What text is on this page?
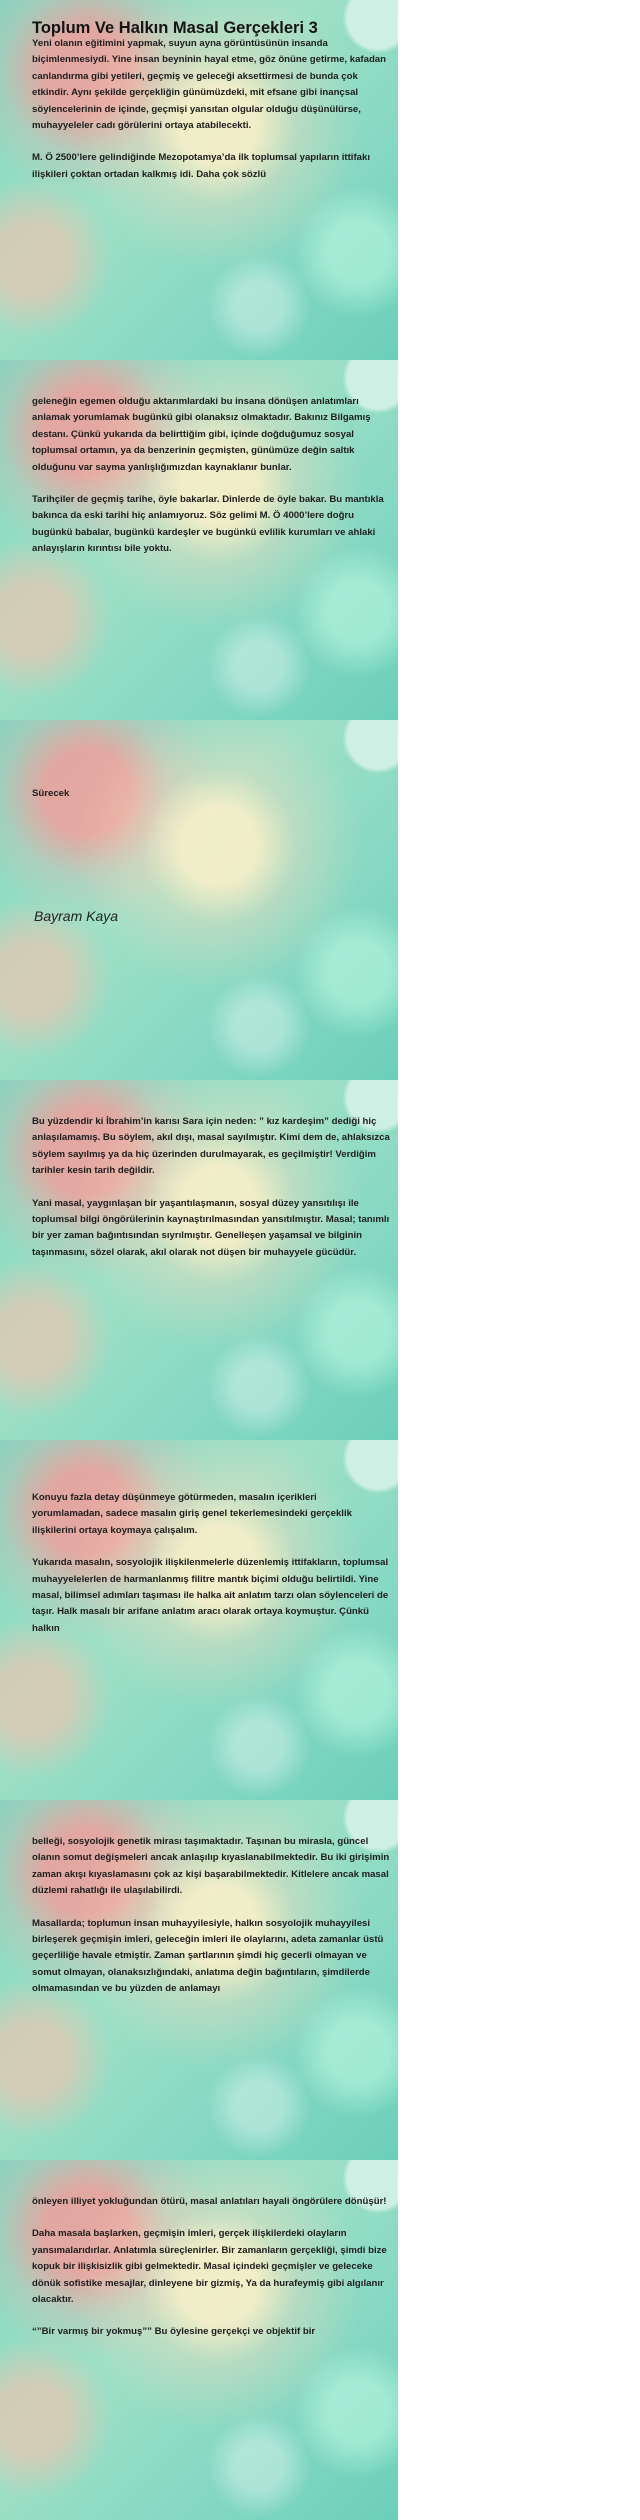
Toplum Ve Halkın Masal Gerçekleri 3

Yeni olanın eğitimini yapmak, suyun ayna görüntüsünün insanda biçimlenmesiydi. Yine insan beyninin hayal etme, göz önüne getirme, kafadan canlandırma gibi yetileri, geçmiş ve geleceği aksettirmesi de bunda çok etkindir. Aynı şekilde gerçekliğin günümüzdeki, mit efsane gibi inançsal söylencelerinin de içinde, geçmişi yansıtan olgular olduğu düşünülürse, muhayyeleler cadı görülerini ortaya atabilecekti.

M. Ö 2500’lere gelindiğinde Mezopotamya’da ilk toplumsal yapıların ittifakı ilişkileri çoktan ortadan kalkmış idi. Daha çok sözlü

geleneğin egemen olduğu aktarımlardaki bu insana dönüşen anlatımları anlamak yorumlamak bugünkü gibi olanaksız olmaktadır. Bakınız Bilgamış destanı. Çünkü yukarıda da belirttiğim gibi, içinde doğduğumuz sosyal toplumsal ortamın, ya da benzerinin geçmişten, günümüze değin saltık olduğunu var sayma yanlışlığımızdan kaynaklanır bunlar.

Tarihçiler de geçmiş tarihe, öyle bakarlar. Dinlerde de öyle bakar. Bu mantıkla bakınca da eski tarihi hiç anlamıyoruz. Söz gelimi M. Ö 4000’lere doğru bugünkü babalar, bugünkü kardeşler ve bugünkü evlilik kurumları ve ahlaki anlayışların kırıntısı bile yoktu.

Sürecek

Bayram Kaya

Bu yüzdendir ki İbrahim’in karısı Sara için neden: ” kız kardeşim” dediği hiç anlaşılamamış. Bu söylem, akıl dışı, masal sayılmıştır. Kimi dem de, ahlaksızca söylem sayılmış ya da hiç üzerinden durulmayarak, es geçilmiştir! Verdiğim tarihler kesin tarih değildir.

Yani masal, yaygınlaşan bir yaşantılaşmanın, sosyal düzey yansıtılışı ile toplumsal bilgi öngörülerinin kaynaştırılmasından yansıtılmıştır. Masal; tanımlı bir yer zaman bağıntısından sıyrılmıştır. Genelleşen yaşamsal ve bilginin taşınmasını, sözel olarak, akıl olarak not düşen bir muhayyele gücüdür.

Konuyu fazla detay düşünmeye götürmeden, masalın içerikleri yorumlamadan, sadece masalın giriş genel tekerlemesindeki gerçeklik ilişkilerini ortaya koymaya çalışalım.

Yukarıda masalın, sosyolojik ilişkilenmelerle düzenlemiş ittifakların, toplumsal muhayyelelerlen de harmanlanmış filitre mantık biçimi olduğu belirtildi. Yine masal, bilimsel adımları taşıması ile halka ait anlatım tarzı olan söylenceleri de taşır. Halk masalı bir arifane anlatım aracı olarak ortaya koymuştur. Çünkü halkın

belleği, sosyolojik genetik mirası taşımaktadır. Taşınan bu mirasla, güncel olanın somut değişmeleri ancak anlaşılıp kıyaslanabilmektedir. Bu iki girişimin zaman akışı kıyaslamasını çok az kişi başarabilmektedir. Kitlelere ancak masal düzlemi rahatlığı ile ulaşılabilirdi.

Masallarda; toplumun insan muhayyilesiyle, halkın sosyolojik muhayyilesi birleşerek geçmişin imleri, geleceğin imleri ile olaylarını, adeta zamanlar üstü geçerliliğe havale etmiştir. Zaman şartlarının şimdi hiç gecerli olmayan ve somut olmayan, olanaksızlığındaki, anlatıma değin bağıntıların, şimdilerde olmamasından ve bu yüzden de anlamayı

önleyen illiyet yokluğundan ötürü, masal anlatıları hayali öngörülere dönüşür!

Daha masala başlarken, geçmişin imleri, gerçek ilişkilerdeki olayların yansımalarıdırlar. Anlatımla süreçlenirler. Bir zamanların gerçekliği, şimdi bize kopuk bir ilişkisizlik gibi gelmektedir. Masal içindeki geçmişler ve geleceke dönük sofistike mesajlar, dinleyene bir gizmiş, Ya da hurafeymiş gibi algılanır olacaktır.

“”Bir varmış bir yokmuş”” Bu öylesine gerçekçi ve objektif bir
